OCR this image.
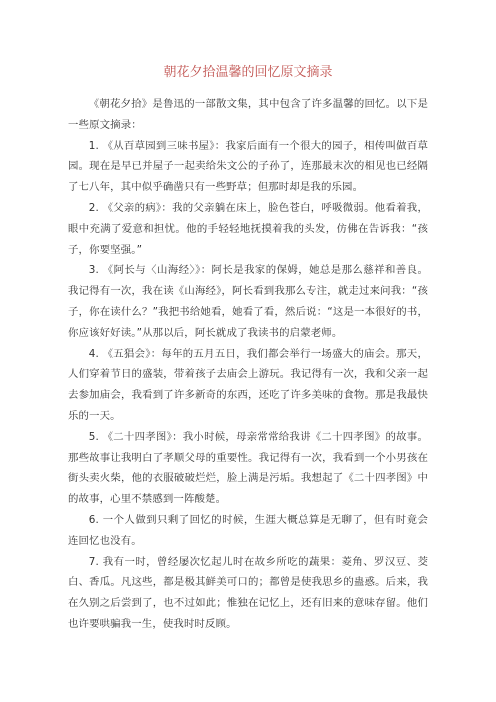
朝花夕拾温馨的回忆原文摘录

《朝花夕拾》是鲁迅的一部散文集，其中包含了许多温馨的回忆。以下是一些原文摘录：

1. 《从百草园到三味书屋》：我家后面有一个很大的园子，相传叫做百草园。现在是早已并屋子一起卖给朱文公的子孙了，连那最末次的相见也已经隔了七八年，其中似乎确凿只有一些野草；但那时却是我的乐园。

2. 《父亲的病》：我的父亲躺在床上，脸色苍白，呼吸微弱。他看着我，眼中充满了爱意和担忧。他的手轻轻地抚摸着我的头发，仿佛在告诉我：“孩子，你要坚强。”

3. 《阿长与〈山海经〉》：阿长是我家的保姆，她总是那么慈祥和善良。我记得有一次，我在读《山海经》，阿长看到我那么专注，就走过来问我：“孩子，你在读什么？”我把书给她看，她看了看，然后说：“这是一本很好的书，你应该好好读。”从那以后，阿长就成了我读书的启蒙老师。

4. 《五猖会》：每年的五月五日，我们都会举行一场盛大的庙会。那天，人们穿着节日的盛装，带着孩子去庙会上游玩。我记得有一次，我和父亲一起去参加庙会，我看到了许多新奇的东西，还吃了许多美味的食物。那是我最快乐的一天。

5. 《二十四孝图》：我小时候，母亲常常给我讲《二十四孝图》的故事。那些故事让我明白了孝顺父母的重要性。我记得有一次，我看到一个小男孩在街头卖火柴，他的衣服破破烂烂，脸上满是污垢。我想起了《二十四孝图》中的故事，心里不禁感到一阵酸楚。

6. 一个人做到只剩了回忆的时候，生涯大概总算是无聊了，但有时竟会连回忆也没有。

7. 我有一时，曾经屡次忆起儿时在故乡所吃的蔬果：菱角、罗汉豆、茭白、香瓜。凡这些，都是极其鲜美可口的；都曾是使我思乡的蛊惑。后来，我在久别之后尝到了，也不过如此；惟独在记忆上，还有旧来的意味存留。他们也许要哄骗我一生，使我时时反顾。
